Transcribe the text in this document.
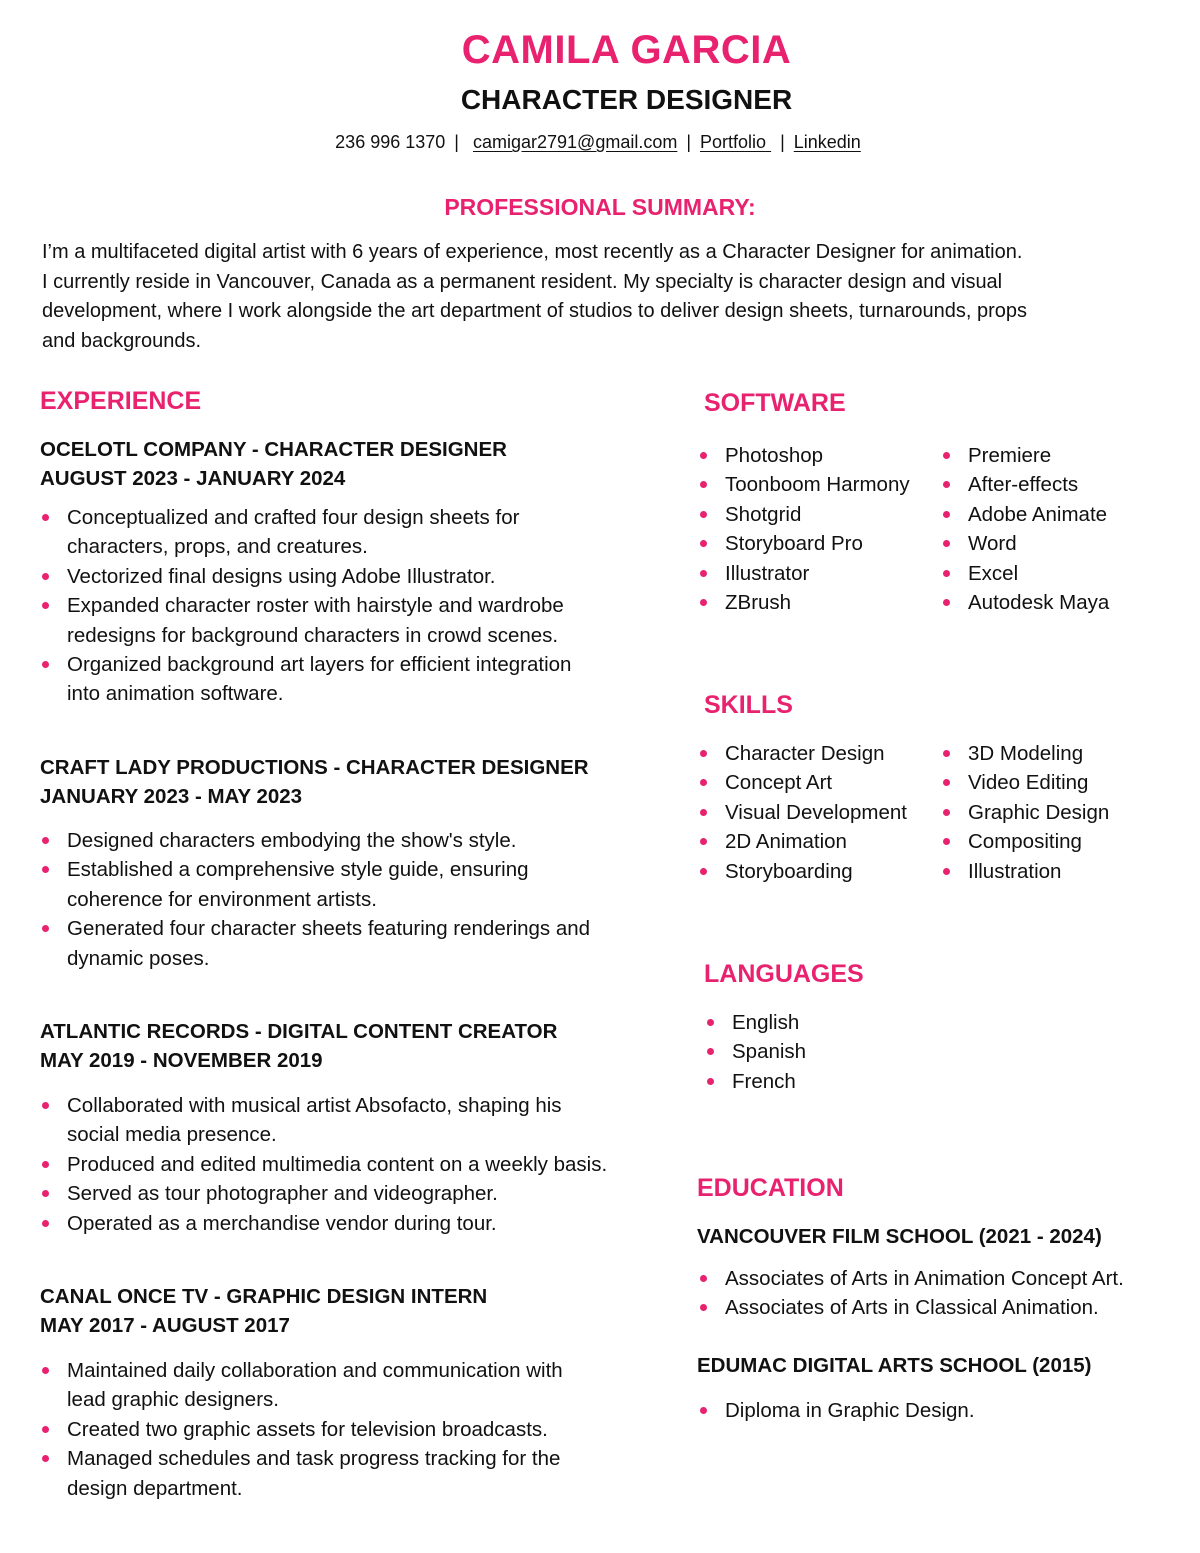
CAMILA GARCIA
CHARACTER DESIGNER
236 996 1370 | camigar2791@gmail.com | Portfolio | Linkedin
PROFESSIONAL SUMMARY:
I’m a multifaceted digital artist with 6 years of experience, most recently as a Character Designer for animation.
I currently reside in Vancouver, Canada as a permanent resident. My specialty is character design and visual
development, where I work alongside the art department of studios to deliver design sheets, turnarounds, props
and backgrounds.
EXPERIENCE
OCELOTL COMPANY - CHARACTER DESIGNER
AUGUST 2023 - JANUARY 2024
Conceptualized and crafted four design sheets for
characters, props, and creatures.
Vectorized final designs using Adobe Illustrator.
Expanded character roster with hairstyle and wardrobe
redesigns for background characters in crowd scenes.
Organized background art layers for efficient integration
into animation software.
CRAFT LADY PRODUCTIONS - CHARACTER DESIGNER
JANUARY 2023 - MAY 2023
Designed characters embodying the show's style.
Established a comprehensive style guide, ensuring
coherence for environment artists.
Generated four character sheets featuring renderings and
dynamic poses.
ATLANTIC RECORDS - DIGITAL CONTENT CREATOR
MAY 2019 - NOVEMBER 2019
Collaborated with musical artist Absofacto, shaping his
social media presence.
Produced and edited multimedia content on a weekly basis.
Served as tour photographer and videographer.
Operated as a merchandise vendor during tour.
CANAL ONCE TV - GRAPHIC DESIGN INTERN
MAY 2017 - AUGUST 2017
Maintained daily collaboration and communication with
lead graphic designers.
Created two graphic assets for television broadcasts.
Managed schedules and task progress tracking for the
design department.
SOFTWARE
Photoshop
Toonboom Harmony
Shotgrid
Storyboard Pro
Illustrator
ZBrush
Premiere
After-effects
Adobe Animate
Word
Excel
Autodesk Maya
SKILLS
Character Design
Concept Art
Visual Development
2D Animation
Storyboarding
3D Modeling
Video Editing
Graphic Design
Compositing
Illustration
LANGUAGES
English
Spanish
French
EDUCATION
VANCOUVER FILM SCHOOL (2021 - 2024)
Associates of Arts in Animation Concept Art.
Associates of Arts in Classical Animation.
EDUMAC DIGITAL ARTS SCHOOL (2015)
Diploma in Graphic Design.
